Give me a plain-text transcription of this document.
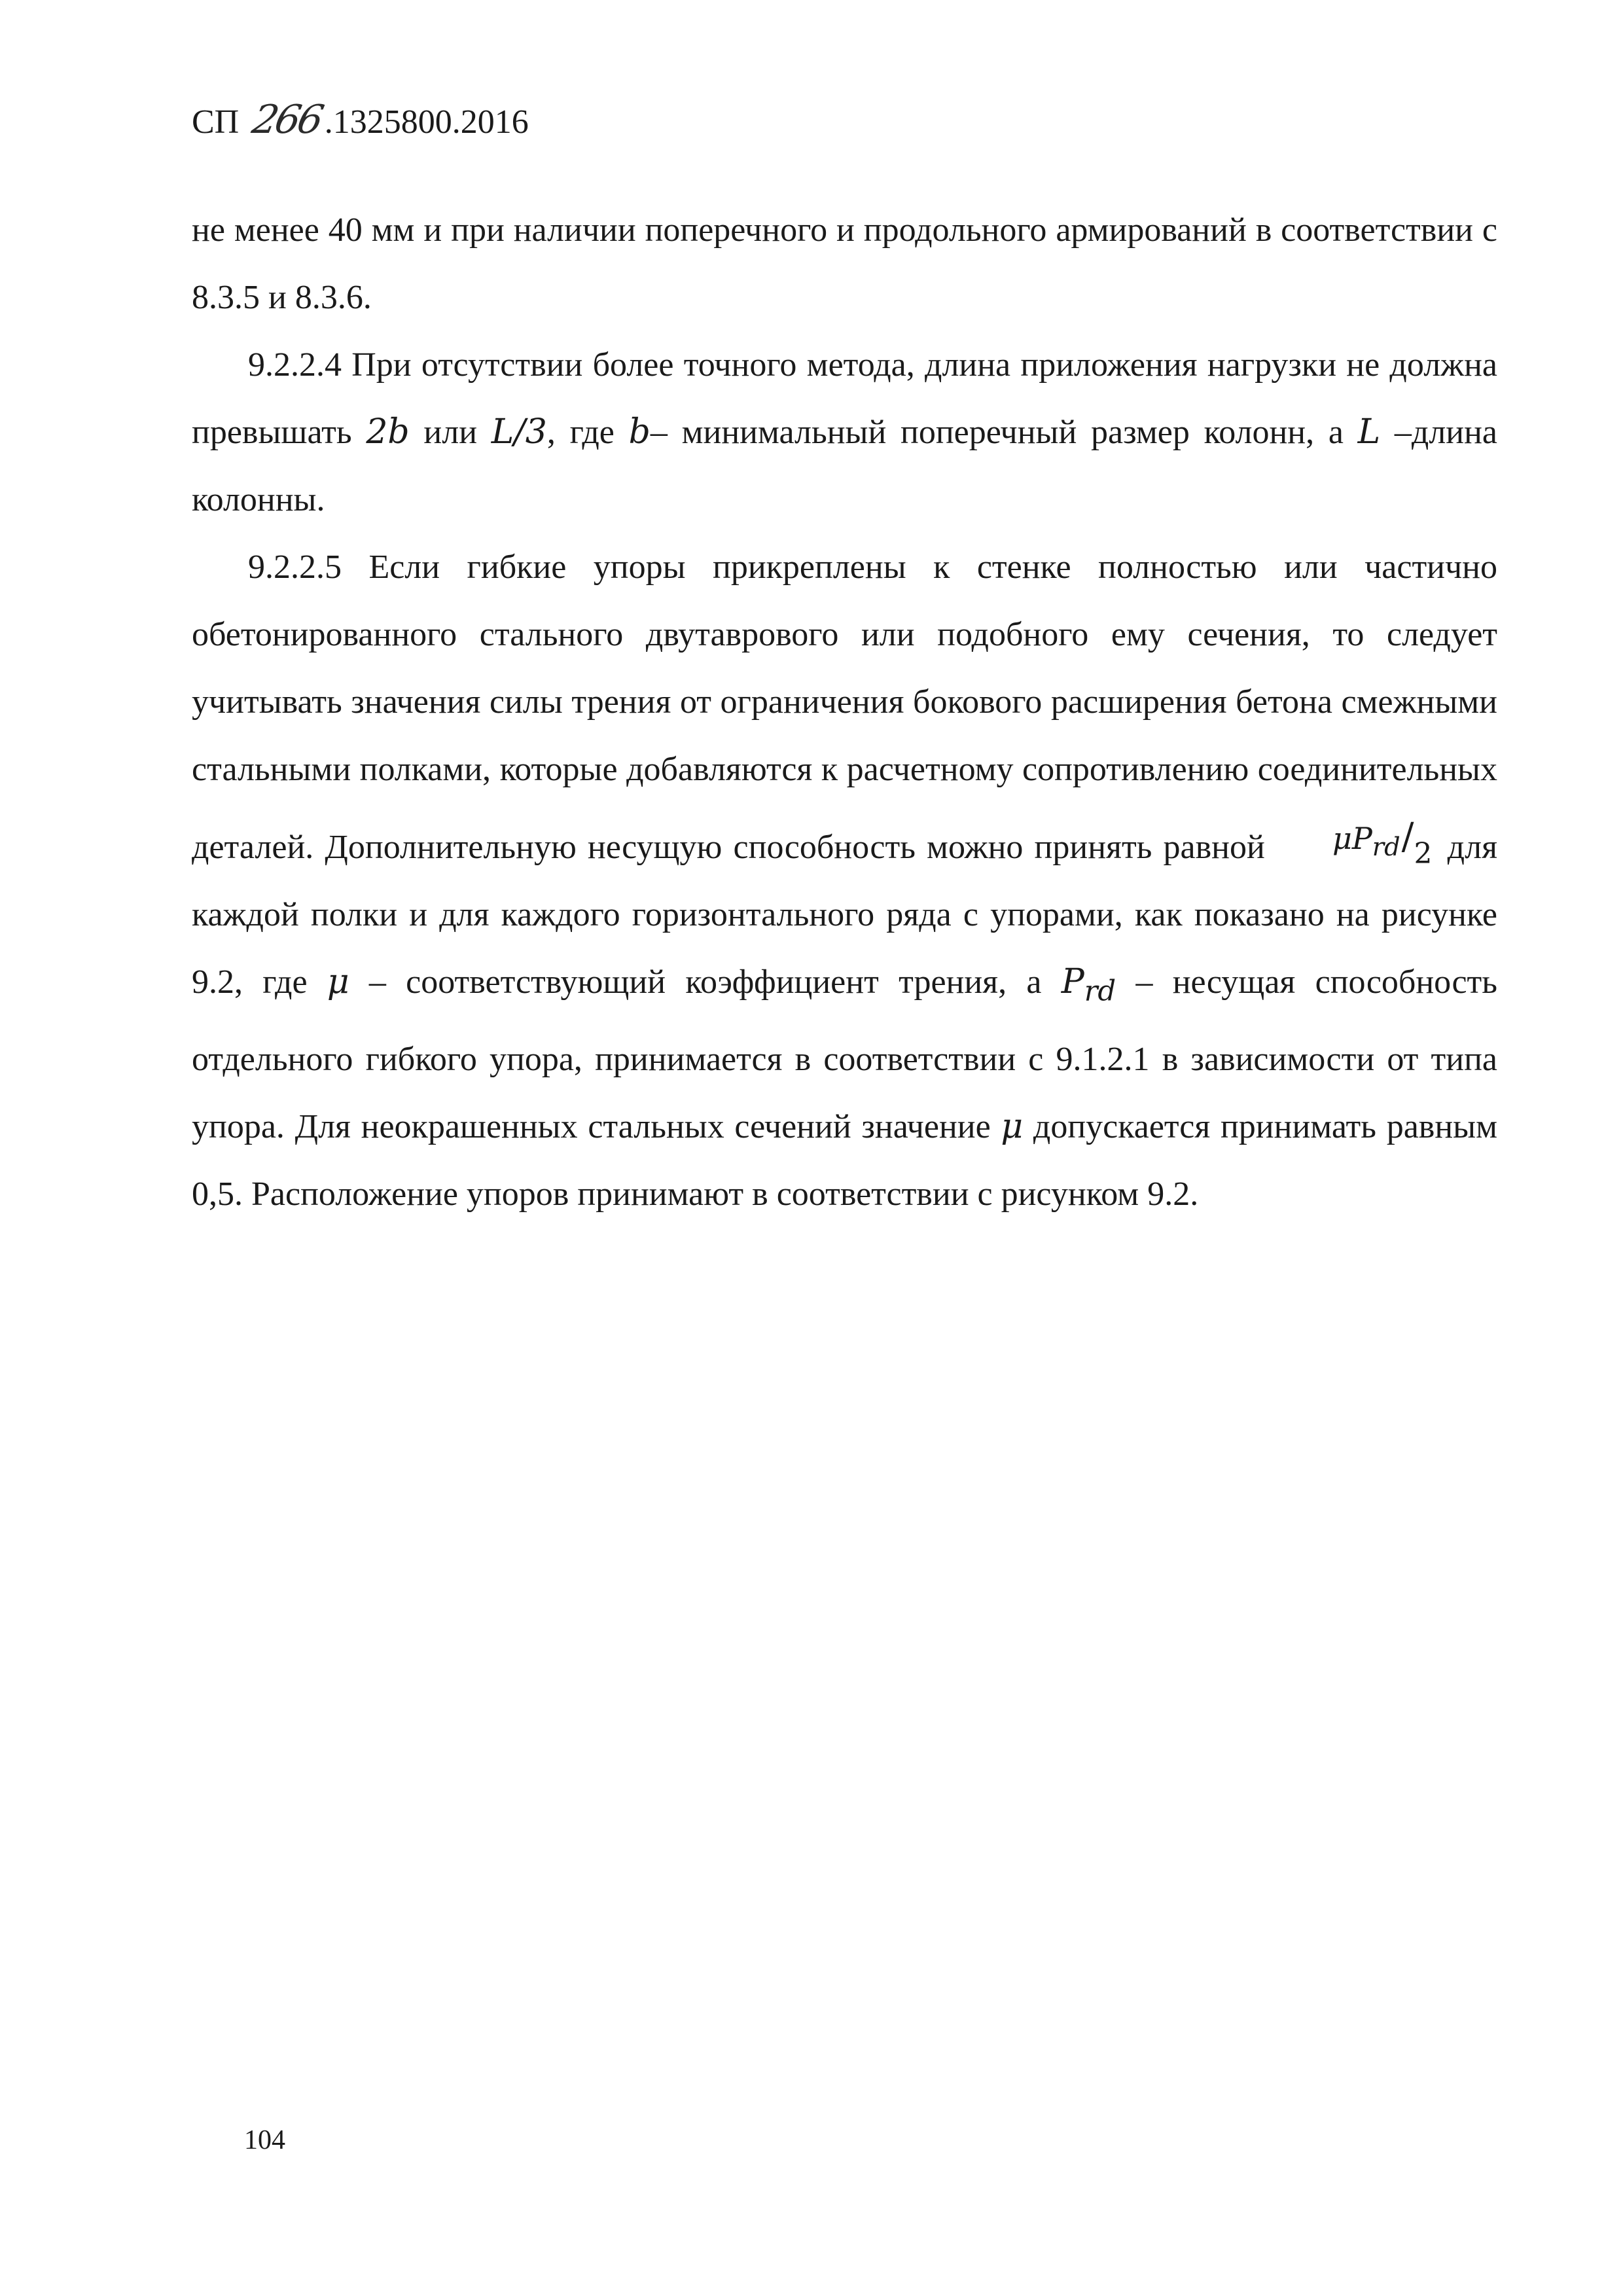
СП 266.1325800.2016

не менее 40 мм и при наличии поперечного и продольного армирований в соответствии с 8.3.5 и 8.3.6.

9.2.2.4 При отсутствии более точного метода, длина приложения нагрузки не должна превышать 2b или L/3, где b– минимальный поперечный размер колонн, а L –длина колонны.

9.2.2.5 Если гибкие упоры прикреплены к стенке полностью или частично обетонированного стального двутаврового или подобного ему сечения, то следует учитывать значения силы трения от ограничения бокового расширения бетона смежными стальными полками, которые добавляются к расчетному сопротивлению соединительных деталей. Дополнительную несущую способность можно принять равной $\mu P_{rd}/2$ для каждой полки и для каждого горизонтального ряда с упорами, как показано на рисунке 9.2, где μ – соответствующий коэффициент трения, а $P_{rd}$ – несущая способность отдельного гибкого упора, принимается в соответствии с 9.1.2.1 в зависимости от типа упора. Для неокрашенных стальных сечений значение μ допускается принимать равным 0,5. Расположение упоров принимают в соответствии с рисунком 9.2.

104
